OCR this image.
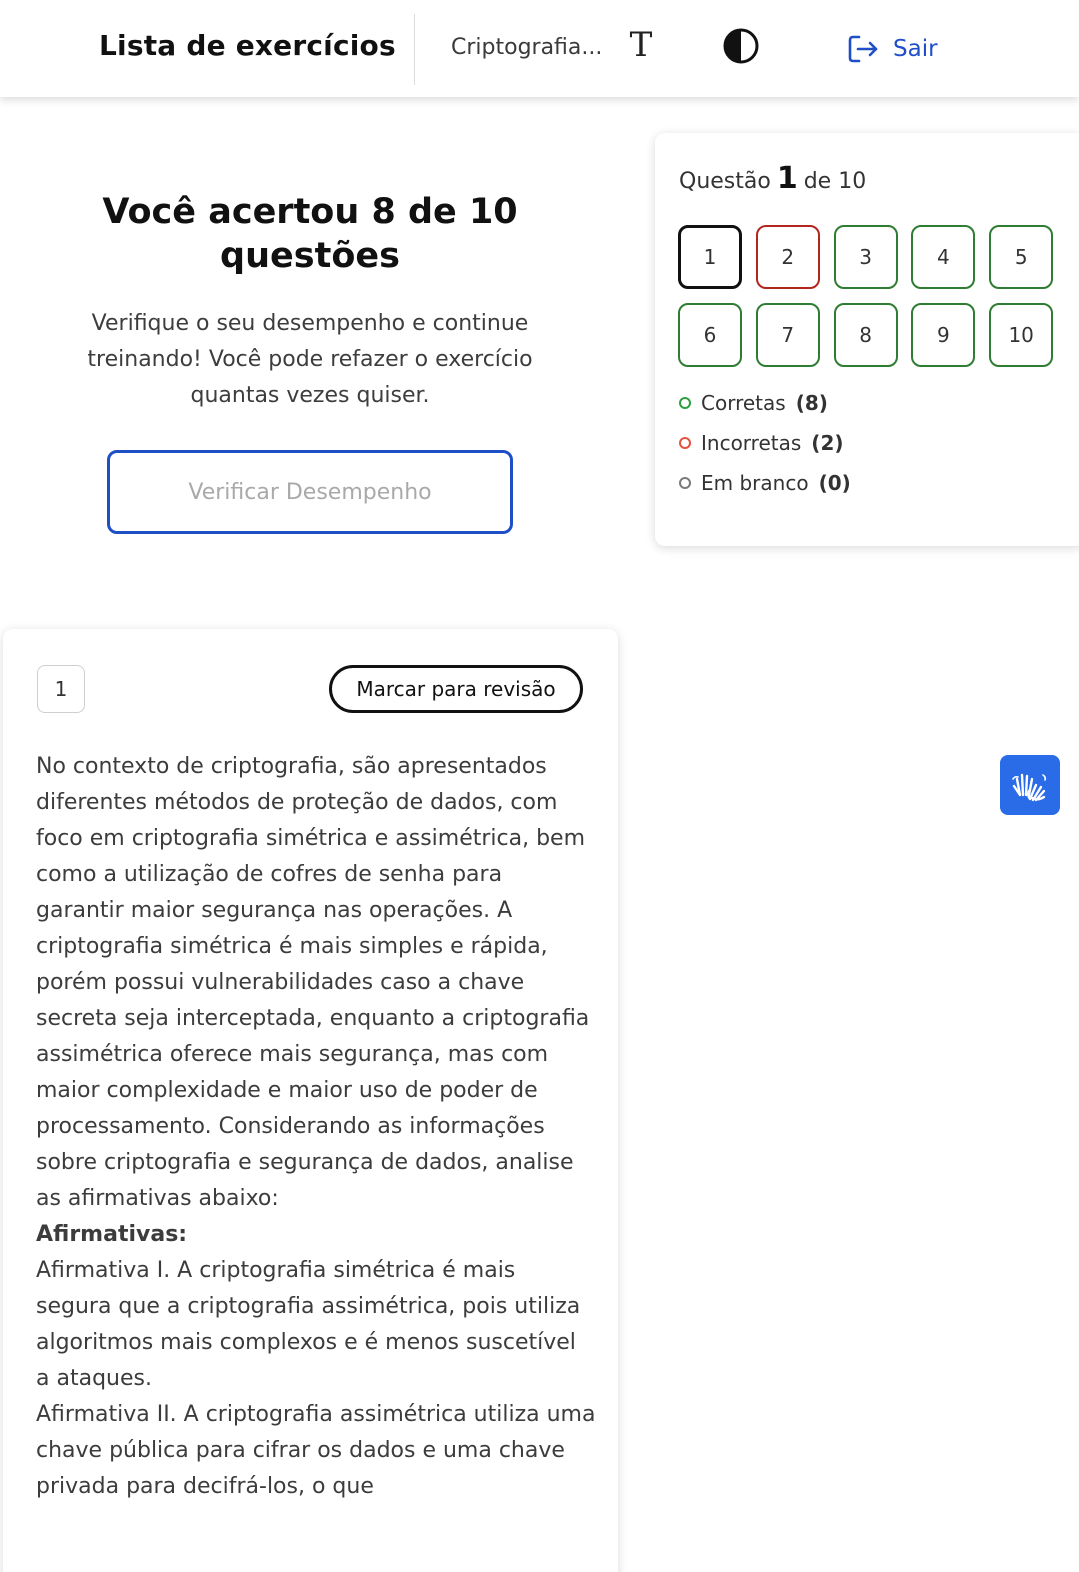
Lista de exercícios	Criptografia... T	Sair
Você acertou 8 de 10 questões

Verifique o seu desempenho e continue treinando! Você pode refazer o exercício quantas vezes quiser.

Verificar Desempenho
Questão 1 de 10
1	2	3	4	5
6	7	8	9	10
Corretas (8)
Incorretas (2)
Em branco (0)
1	Marcar para revisão

No contexto de criptografia, são apresentados diferentes métodos de proteção de dados, com foco em criptografia simétrica e assimétrica, bem como a utilização de cofres de senha para garantir maior segurança nas operações. A criptografia simétrica é mais simples e rápida, porém possui vulnerabilidades caso a chave secreta seja interceptada, enquanto a criptografia assimétrica oferece mais segurança, mas com maior complexidade e maior uso de poder de processamento. Considerando as informações sobre criptografia e segurança de dados, analise as afirmativas abaixo:

Afirmativas:

Afirmativa I. A criptografia simétrica é mais segura que a criptografia assimétrica, pois utiliza algoritmos mais complexos e é menos suscetível a ataques.

Afirmativa II. A criptografia assimétrica utiliza uma chave pública para cifrar os dados e uma chave privada para decifrá-los, o que
